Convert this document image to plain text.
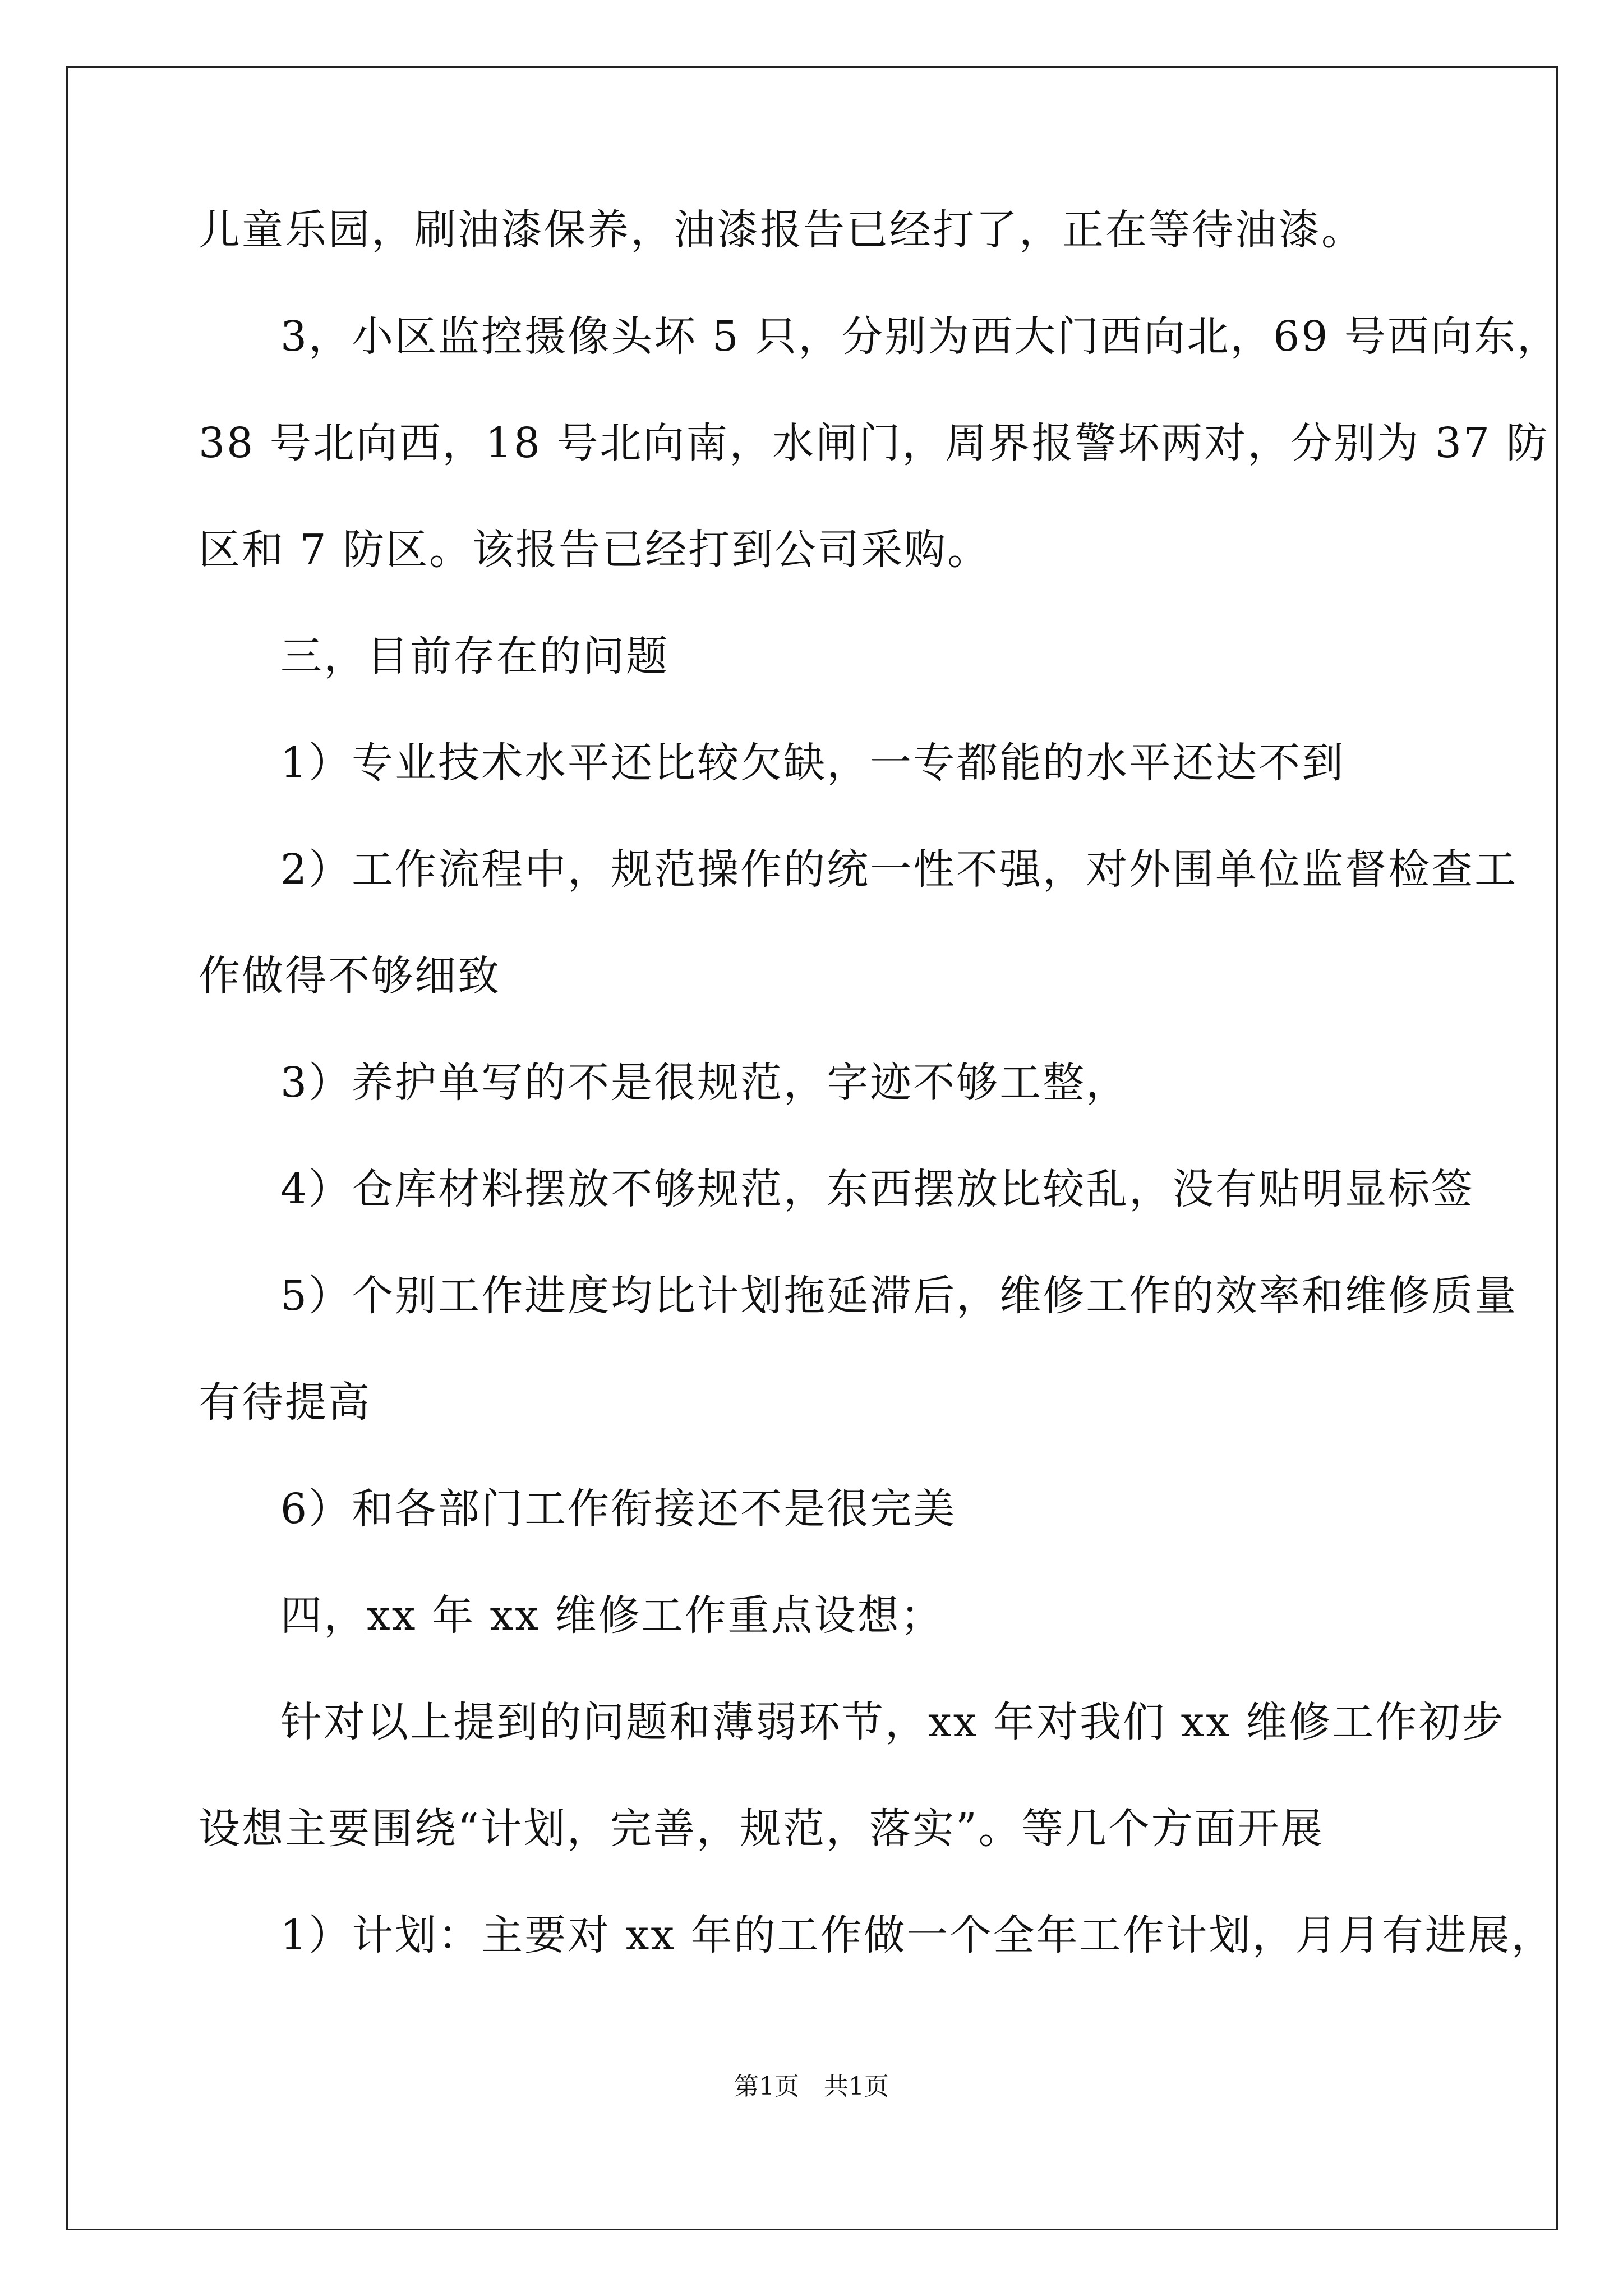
儿童乐园，刷油漆保养，油漆报告已经打了，正在等待油漆。
3，小区监控摄像头坏 5 只，分别为西大门西向北，69 号西向东，
38 号北向西，18 号北向南，水闸门，周界报警坏两对，分别为 37 防
区和 7 防区。该报告已经打到公司采购。
三，目前存在的问题
1）专业技术水平还比较欠缺，一专都能的水平还达不到
2）工作流程中，规范操作的统一性不强，对外围单位监督检查工
作做得不够细致
3）养护单写的不是很规范，字迹不够工整，
4）仓库材料摆放不够规范，东西摆放比较乱，没有贴明显标签
5）个别工作进度均比计划拖延滞后，维修工作的效率和维修质量
有待提高
6）和各部门工作衔接还不是很完美
四，xx 年 xx 维修工作重点设想；
针对以上提到的问题和薄弱环节，xx 年对我们 xx 维修工作初步
设想主要围绕“计划，完善，规范，落实”。等几个方面开展
1）计划：主要对 xx 年的工作做一个全年工作计划，月月有进展，
第1页　共1页
